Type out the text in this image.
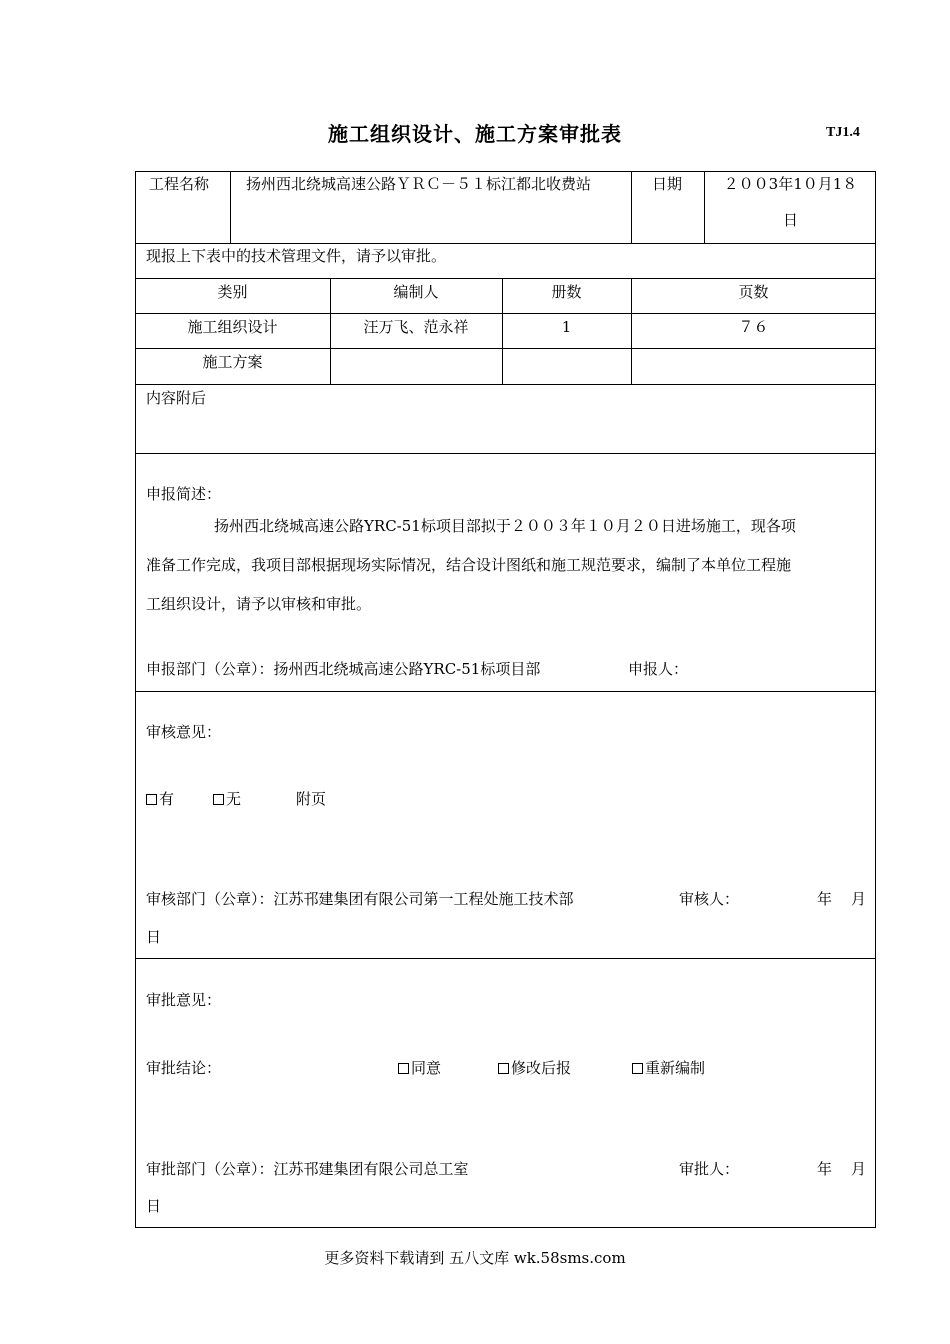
施工组织设计、施工方案审批表	TJ1.4
工程名称 扬州西北绕城高速公路ＹＲＣ－５１标江都北收费站	日期	２００3年1０月1８
日
现报上下表中的技术管理文件，请予以审批。
类别	编制人	册数	页数
施工组织设计	汪万飞、范永祥	1	７６
施工方案
内容附后
申报简述：
扬州西北绕城高速公路YRC-51标项目部拟于２００３年１０月２０日进场施工，现各项
准备工作完成，我项目部根据现场实际情况，结合设计图纸和施工规范要求，编制了本单位工程施
工组织设计，请予以审核和审批。
申报部门（公章）：扬州西北绕城高速公路YRC-51标项目部	申报人：
审核意见：
有	无	附页
审核部门（公章）：江苏邗建集团有限公司第一工程处施工技术部	审核人：	年 月
日
审批意见：
审批结论：	同意	修改后报	重新编制
审批部门（公章）：江苏邗建集团有限公司总工室	审批人：	年 月
日
更多资料下载请到 五八文库 wk.58sms.com
